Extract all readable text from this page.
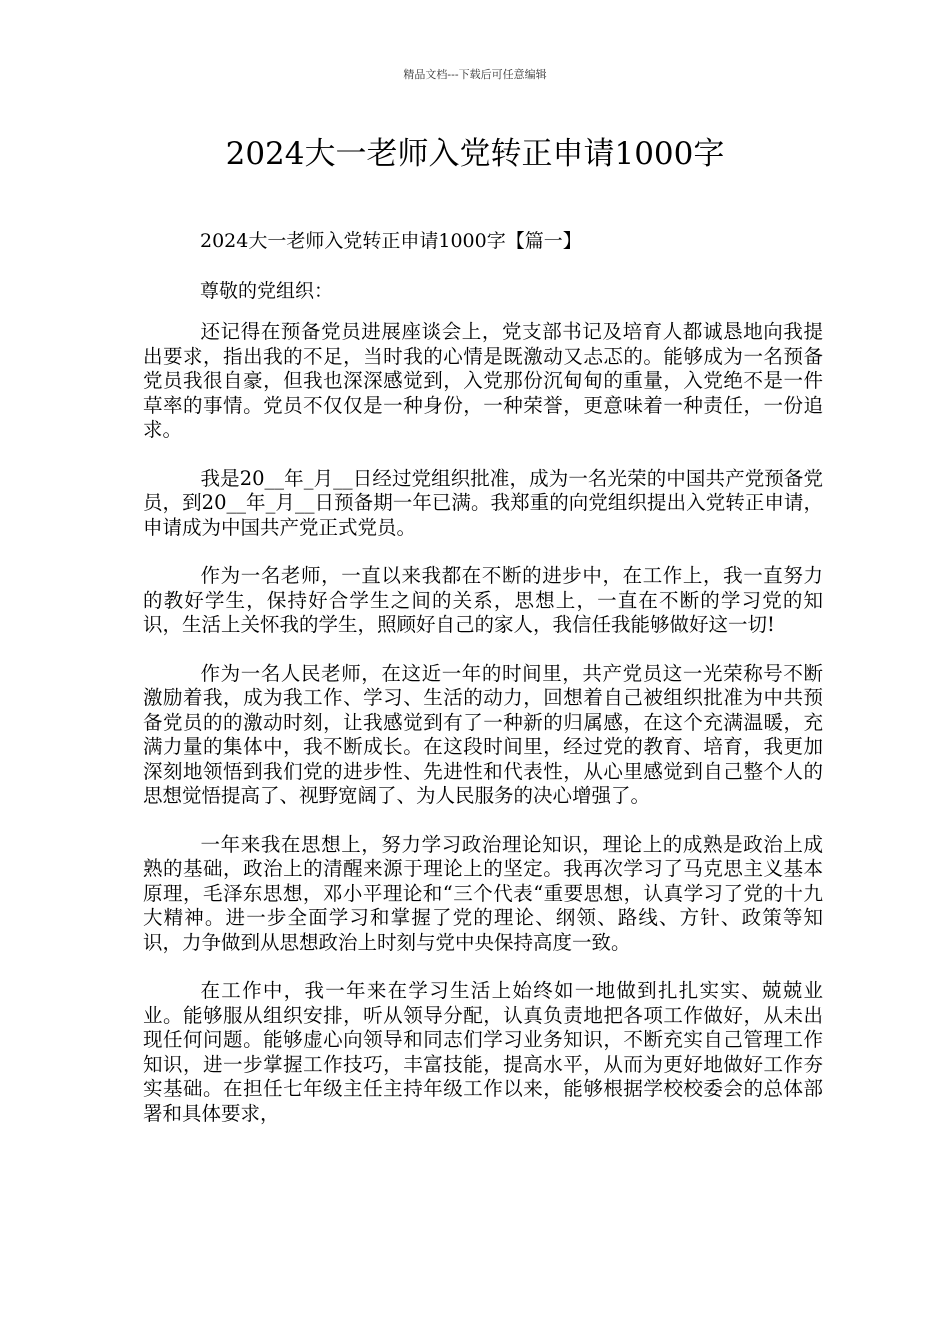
精品文档---下载后可任意编辑
2024大一老师入党转正申请1000字
2024大一老师入党转正申请1000字【篇一】
尊敬的党组织：

还记得在预备党员进展座谈会上，党支部书记及培育人都诚恳地向我提出要求，指出我的不足，当时我的心情是既激动又忐忑的。能够成为一名预备党员我很自豪，但我也深深感觉到，入党那份沉甸甸的重量，入党绝不是一件草率的事情。党员不仅仅是一种身份，一种荣誉，更意味着一种责任，一份追求。

我是20__年_月__日经过党组织批准，成为一名光荣的中国共产党预备党员，到20__年_月__日预备期一年已满。我郑重的向党组织提出入党转正申请，申请成为中国共产党正式党员。

作为一名老师，一直以来我都在不断的进步中，在工作上，我一直努力的教好学生，保持好合学生之间的关系，思想上，一直在不断的学习党的知识，生活上关怀我的学生，照顾好自己的家人，我信任我能够做好这一切!

作为一名人民老师，在这近一年的时间里，共产党员这一光荣称号不断激励着我，成为我工作、学习、生活的动力，回想着自己被组织批准为中共预备党员的的激动时刻，让我感觉到有了一种新的归属感，在这个充满温暖，充满力量的集体中，我不断成长。在这段时间里，经过党的教育、培育，我更加深刻地领悟到我们党的进步性、先进性和代表性，从心里感觉到自己整个人的思想觉悟提高了、视野宽阔了、为人民服务的决心增强了。

一年来我在思想上，努力学习政治理论知识，理论上的成熟是政治上成熟的基础，政治上的清醒来源于理论上的坚定。我再次学习了马克思主义基本原理，毛泽东思想，邓小平理论和“三个代表“重要思想，认真学习了党的十九大精神。进一步全面学习和掌握了党的理论、纲领、路线、方针、政策等知识，力争做到从思想政治上时刻与党中央保持高度一致。

在工作中，我一年来在学习生活上始终如一地做到扎扎实实、兢兢业业。能够服从组织安排，听从领导分配，认真负责地把各项工作做好，从未出现任何问题。能够虚心向领导和同志们学习业务知识，不断充实自己管理工作知识，进一步掌握工作技巧，丰富技能，提高水平，从而为更好地做好工作夯实基础。在担任七年级主任主持年级工作以来，能够根据学校校委会的总体部署和具体要求，
